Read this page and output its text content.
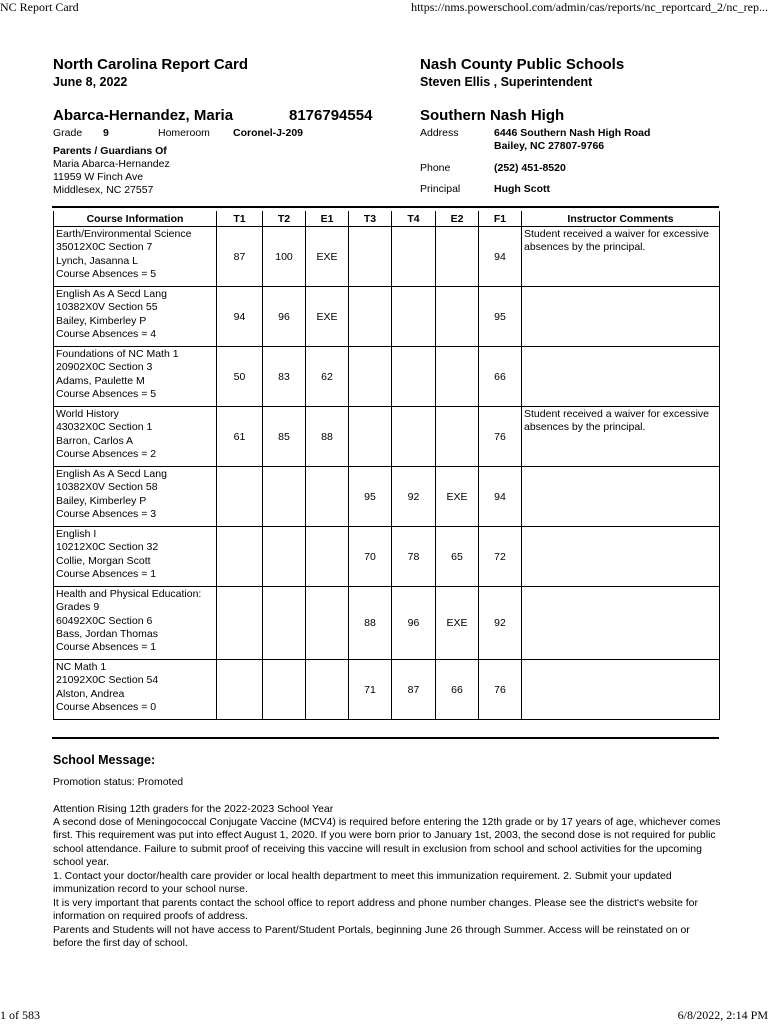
NC Report Card	https://nms.powerschool.com/admin/cas/reports/nc_reportcard_2/nc_rep...
North Carolina Report Card
June 8, 2022
Nash County Public Schools
Steven Ellis , Superintendent
Abarca-Hernandez, Maria	8176794554
Grade 9	Homeroom Coronel-J-209
Parents / Guardians Of
Maria Abarca-Hernandez
11959 W Finch Ave
Middlesex, NC 27557
Southern Nash High
Address	6446 Southern Nash High Road
Bailey, NC 27807-9766
Phone	(252) 451-8520
Principal	Hugh Scott
Course Information	T1	T2	E1	T3	T4	E2	F1	Instructor Comments

Earth/Environmental Science
35012X0C Section 7
Lynch, Jasanna L
Course Absences = 5	87	100	EXE				94	Student received a waiver for excessive absences by the principal.

English As A Secd Lang
10382X0V Section 55
Bailey, Kimberley P
Course Absences = 4	94	96	EXE				95	

Foundations of NC Math 1
20902X0C Section 3
Adams, Paulette M
Course Absences = 5	50	83	62				66	

World History
43032X0C Section 1
Barron, Carlos A
Course Absences = 2	61	85	88				76	Student received a waiver for excessive absences by the principal.

English As A Secd Lang
10382X0V Section 58
Bailey, Kimberley P
Course Absences = 3				95	92	EXE	94	

English I
10212X0C Section 32
Collie, Morgan Scott
Course Absences = 1				70	78	65	72	

Health and Physical Education:
Grades 9
60492X0C Section 6
Bass, Jordan Thomas
Course Absences = 1				88	96	EXE	92	

NC Math 1
21092X0C Section 54
Alston, Andrea
Course Absences = 0				71	87	66	76	
School Message:
Promotion status: Promoted
Attention Rising 12th graders for the 2022-2023 School Year
A second dose of Meningococcal Conjugate Vaccine (MCV4) is required before entering the 12th grade or by 17 years of age, whichever comes first. This requirement was put into effect August 1, 2020. If you were born prior to January 1st, 2003, the second dose is not required for public school attendance. Failure to submit proof of receiving this vaccine will result in exclusion from school and school activities for the upcoming school year.
1. Contact your doctor/health care provider or local health department to meet this immunization requirement. 2. Submit your updated immunization record to your school nurse.
It is very important that parents contact the school office to report address and phone number changes. Please see the district's website for information on required proofs of address.
Parents and Students will not have access to Parent/Student Portals, beginning June 26 through Summer. Access will be reinstated on or before the first day of school.
1 of 583	6/8/2022, 2:14 PM
